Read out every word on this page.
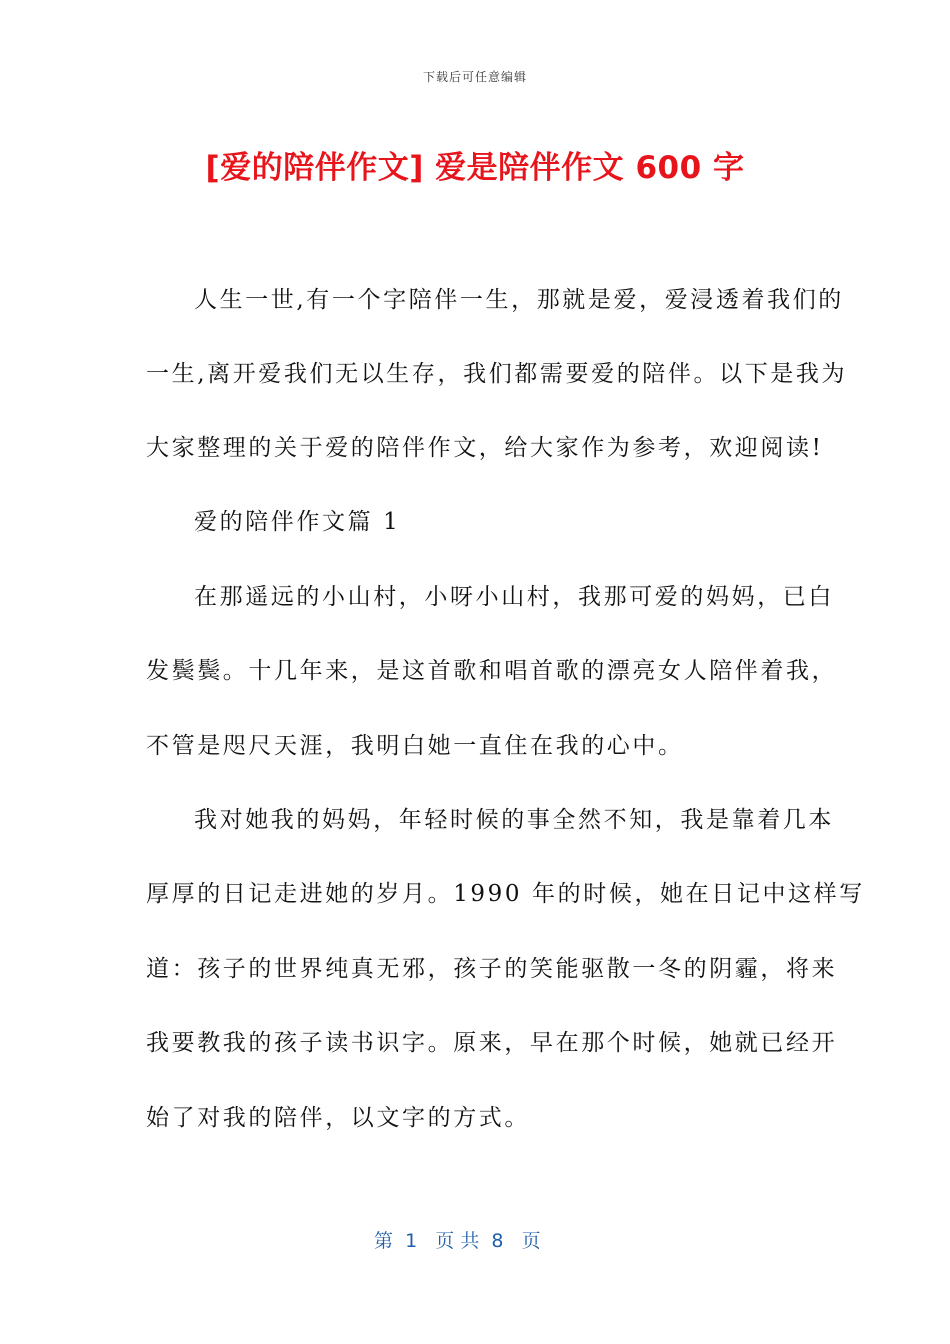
下载后可任意编辑
[爱的陪伴作文] 爱是陪伴作文 600 字
人生一世,有一个字陪伴一生，那就是爱，爱浸透着我们的
一生,离开爱我们无以生存，我们都需要爱的陪伴。以下是我为
大家整理的关于爱的陪伴作文，给大家作为参考，欢迎阅读!
爱的陪伴作文篇 1
在那遥远的小山村，小呀小山村，我那可爱的妈妈，已白
发鬓鬓。十几年来，是这首歌和唱首歌的漂亮女人陪伴着我，
不管是咫尺天涯，我明白她一直住在我的心中。
我对她我的妈妈，年轻时候的事全然不知，我是靠着几本
厚厚的日记走进她的岁月。1990 年的时候，她在日记中这样写
道：孩子的世界纯真无邪，孩子的笑能驱散一冬的阴霾，将来
我要教我的孩子读书识字。原来，早在那个时候，她就已经开
始了对我的陪伴，以文字的方式。
第  1   页 共  8   页
